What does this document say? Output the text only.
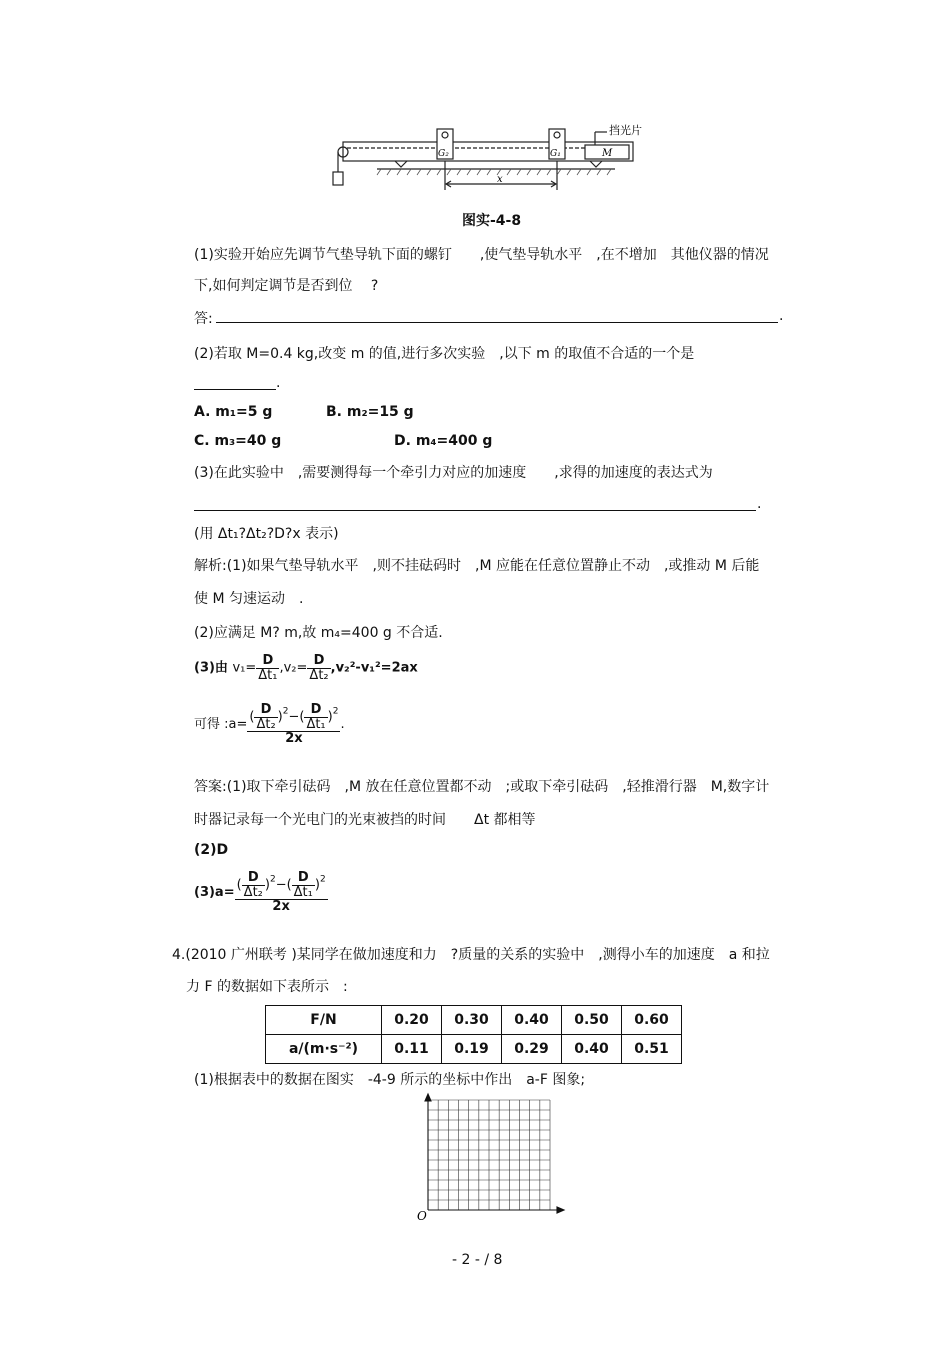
挡光片
G₂	G₁	M
x
图实-4-8
(1)实验开始应先调节气垫导轨下面的螺钉　　,使气垫导轨水平　,在不增加　其他仪器的情况
下,如何判定调节是否到位　 ?
答:	.
(2)若取 M=0.4 kg,改变 m 的值,进行多次实验　,以下 m 的取值不合适的一个是
.
A. m₁=5 g	B. m₂=15 g
C. m₃=40 g	D. m₄=400 g
(3)在此实验中　,需要测得每一个牵引力对应的加速度　　,求得的加速度的表达式为
.
(用 Δt₁?Δt₂?D?x 表示)
解析:(1)如果气垫导轨水平　,则不挂砝码时　,M 应能在任意位置静止不动　,或推动 M 后能
使 M 匀速运动　.
(2)应满足 M? m,故 m₄=400 g 不合适.
(3)由 $v_1= \frac{D}{\text{Δt₁}} ,v_2= \frac{D}{\text{Δt₂}} ,v_2^2-v_1^2=2ax$
可得 :a= $\frac{( \frac{D}{\text{Δt₂}} )^2-( \frac{D}{\text{Δt₁}} )^2}{2x}$ .
答案:(1)取下牵引砝码　,M 放在任意位置都不动　;或取下牵引砝码　,轻推滑行器　M,数字计
时器记录每一个光电门的光束被挡的时间　　Δt 都相等
(2)D
$(3)a= \frac{( \frac{D}{\text{Δt₂}} )^2-( \frac{D}{\text{Δt₁}} )^2}{2x}$
4.(2010 广州联考 )某同学在做加速度和力　?质量的关系的实验中　,测得小车的加速度　a 和拉
力 F 的数据如下表所示　:
F/N	0.20	0.30	0.40	0.50	0.60
a/(m·s⁻²)	0.11	0.19	0.29	0.40	0.51
(1)根据表中的数据在图实　-4-9 所示的坐标中作出　a-F 图象;
O
- 2 - / 8
